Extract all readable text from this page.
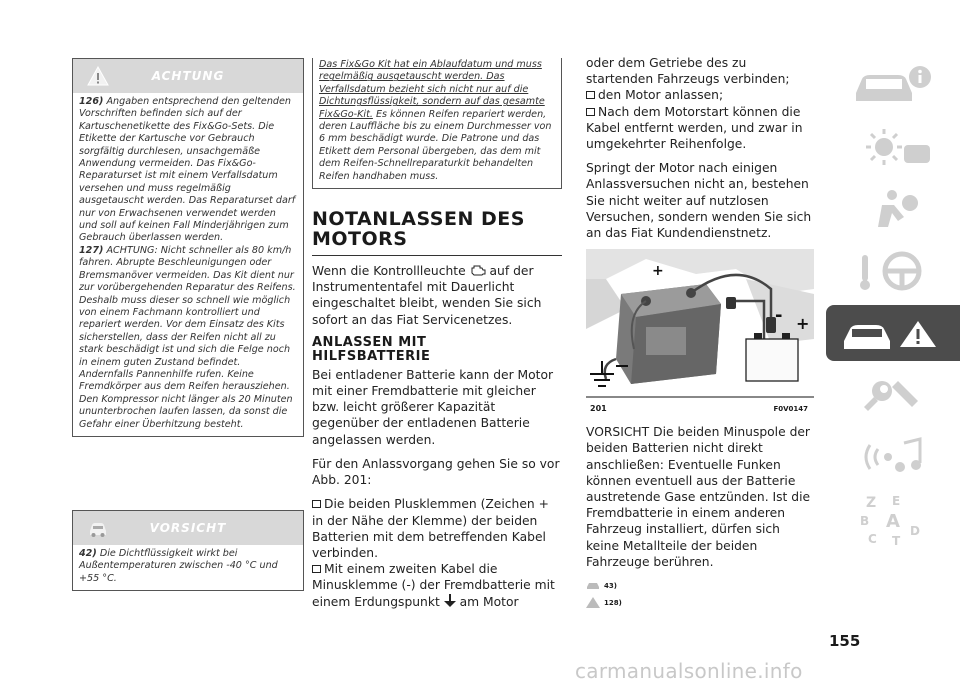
ACHTUNG

126) Angaben entsprechend den geltenden Vorschriften befinden sich auf der Kartuschenetikette des Fix&Go-Sets. Die Etikette der Kartusche vor Gebrauch sorgfältig durchlesen, unsachgemäße Anwendung vermeiden. Das Fix&Go-Reparaturset ist mit einem Verfallsdatum versehen und muss regelmäßig ausgetauscht werden. Das Reparaturset darf nur von Erwachsenen verwendet werden und soll auf keinen Fall Minderjährigen zum Gebrauch überlassen werden.

127) ACHTUNG: Nicht schneller als 80 km/h fahren. Abrupte Beschleunigungen oder Bremsmanöver vermeiden. Das Kit dient nur zur vorübergehenden Reparatur des Reifens. Deshalb muss dieser so schnell wie möglich von einem Fachmann kontrolliert und repariert werden. Vor dem Einsatz des Kits sicherstellen, dass der Reifen nicht all zu stark beschädigt ist und sich die Felge noch in einem guten Zustand befindet. Andernfalls Pannenhilfe rufen. Keine Fremdkörper aus dem Reifen herausziehen. Den Kompressor nicht länger als 20 Minuten ununterbrochen laufen lassen, da sonst die Gefahr einer Überhitzung besteht.

VORSICHT

42) Die Dichtflüssigkeit wirkt bei Außentemperaturen zwischen -40 °C und +55 °C.

Das Fix&Go Kit hat ein Ablaufdatum und muss regelmäßig ausgetauscht werden. Das Verfallsdatum bezieht sich nicht nur auf die Dichtungsflüssigkeit, sondern auf das gesamte Fix&Go-Kit. Es können Reifen repariert werden, deren Lauffläche bis zu einem Durchmesser von 6 mm beschädigt wurde. Die Patrone und das Etikett dem Personal übergeben, das dem mit dem Reifen-Schnellreparaturkit behandelten Reifen handhaben muss.

NOTANLASSEN DES
MOTORS

Wenn die Kontrollleuchte auf der Instrumententafel mit Dauerlicht eingeschaltet bleibt, wenden Sie sich sofort an das Fiat Servicenetzes.

ANLASSEN MIT
HILFSBATTERIE

Bei entladener Batterie kann der Motor mit einer Fremdbatterie mit gleicher bzw. leicht größerer Kapazität gegenüber der entladenen Batterie angelassen werden.

Für den Anlassvorgang gehen Sie so vor Abb. 201:

Die beiden Plusklemmen (Zeichen + in der Nähe der Klemme) der beiden Batterien mit dem betreffenden Kabel verbinden.

Mit einem zweiten Kabel die Minusklemme (-) der Fremdbatterie mit einem Erdungspunkt am Motor

oder dem Getriebe des zu startenden Fahrzeugs verbinden;

den Motor anlassen;

Nach dem Motorstart können die Kabel entfernt werden, und zwar in umgekehrter Reihenfolge.

Springt der Motor nach einigen Anlassversuchen nicht an, bestehen Sie nicht weiter auf nutzlosen Versuchen, sondern wenden Sie sich an das Fiat Kundendienstnetz.

+
- +
201	F0V0147

VORSICHT Die beiden Minuspole der beiden Batterien nicht direkt anschließen: Eventuelle Funken können eventuell aus der Batterie austretende Gase entzünden. Ist die Fremdbatterie in einem anderen Fahrzeug installiert, dürfen sich keine Metallteile der beiden Fahrzeuge berühren.

43)
128)
Z E
B A
C T
D
155
carmanualsonline.info
